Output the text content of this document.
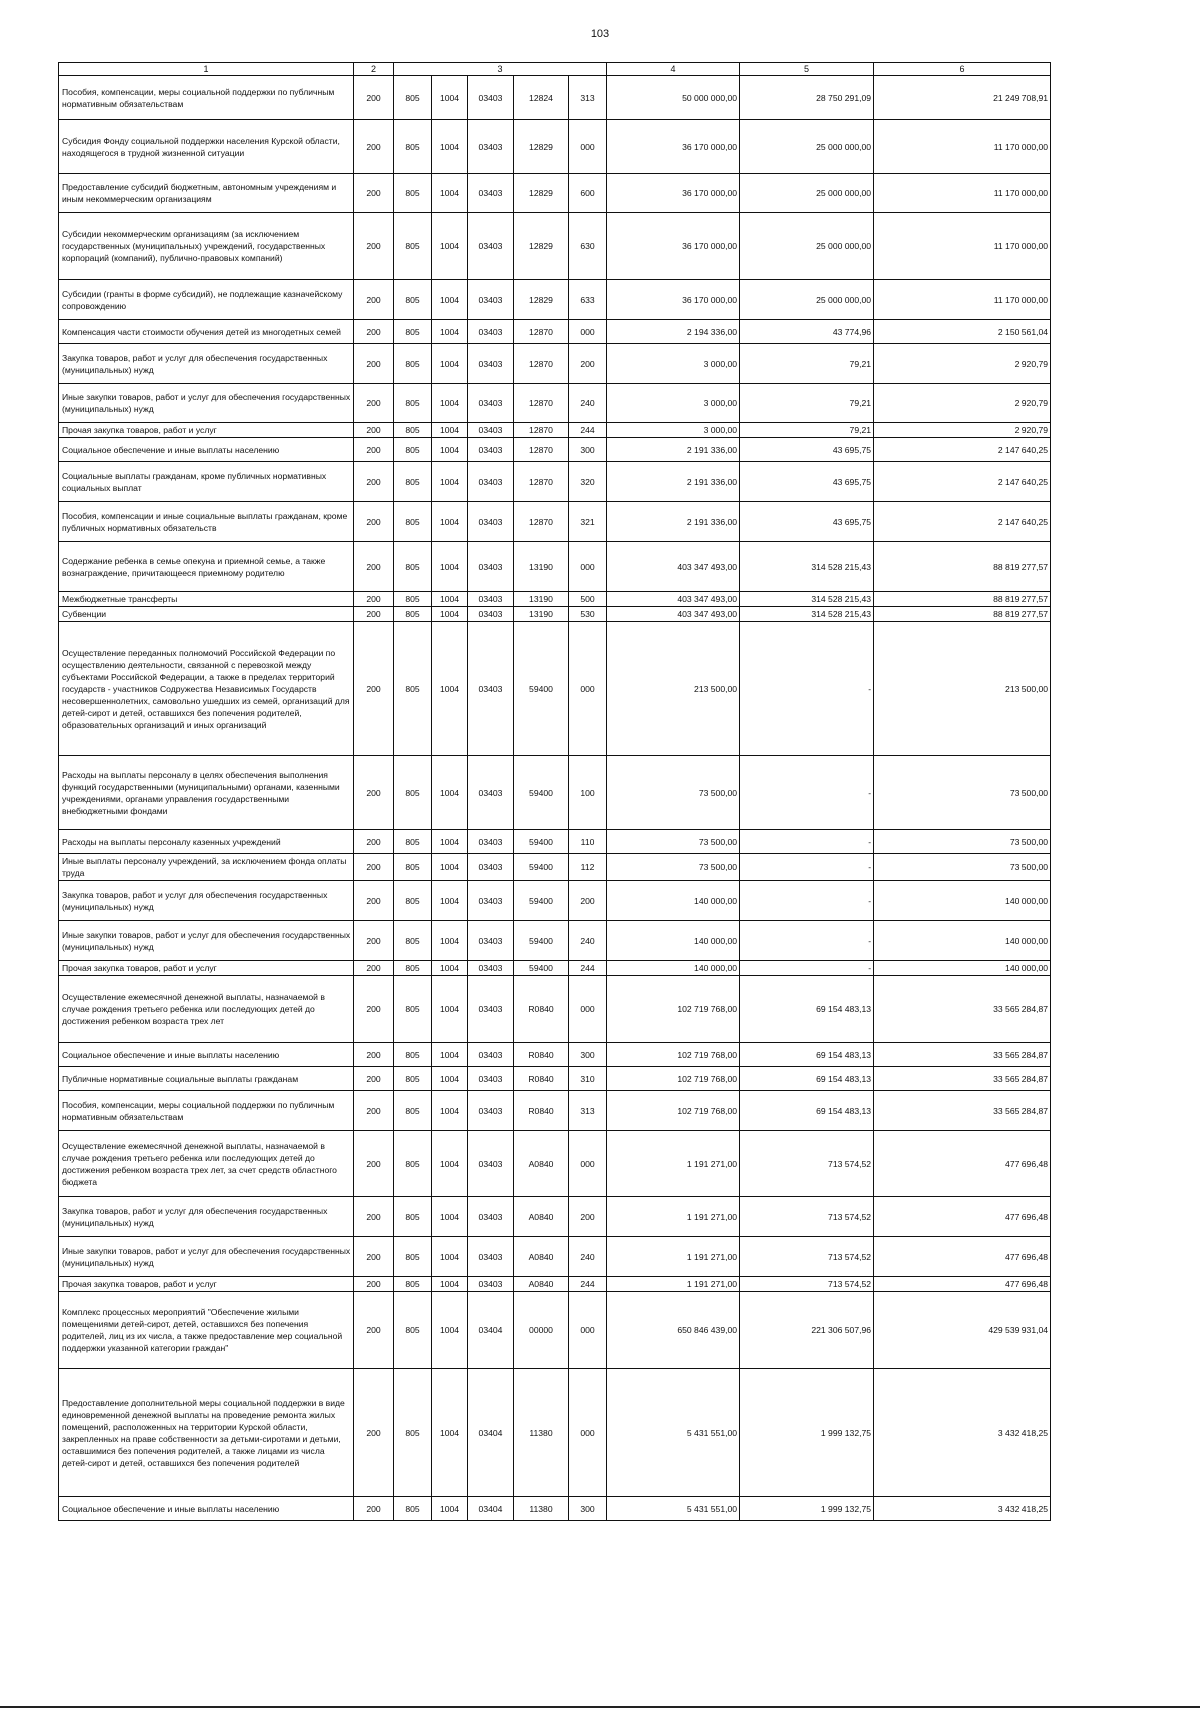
103
1	2	3					4	5	6
Пособия, компенсации, меры социальной поддержки по публичным нормативным обязательствам	200	805	1004	03403	12824	313	50 000 000,00	28 750 291,09	21 249 708,91
Субсидия Фонду социальной поддержки населения Курской области, находящегося в трудной жизненной ситуации	200	805	1004	03403	12829	000	36 170 000,00	25 000 000,00	11 170 000,00
Предоставление субсидий бюджетным, автономным учреждениям и иным некоммерческим организациям	200	805	1004	03403	12829	600	36 170 000,00	25 000 000,00	11 170 000,00
Субсидии некоммерческим организациям (за исключением государственных (муниципальных) учреждений, государственных корпораций (компаний), публично-правовых компаний)	200	805	1004	03403	12829	630	36 170 000,00	25 000 000,00	11 170 000,00
Субсидии (гранты в форме субсидий), не подлежащие казначейскому сопровождению	200	805	1004	03403	12829	633	36 170 000,00	25 000 000,00	11 170 000,00
Компенсация части стоимости обучения детей из многодетных семей	200	805	1004	03403	12870	000	2 194 336,00	43 774,96	2 150 561,04
Закупка товаров, работ и услуг для обеспечения государственных (муниципальных) нужд	200	805	1004	03403	12870	200	3 000,00	79,21	2 920,79
Иные закупки товаров, работ и услуг для обеспечения государственных (муниципальных) нужд	200	805	1004	03403	12870	240	3 000,00	79,21	2 920,79
Прочая закупка товаров, работ и услуг	200	805	1004	03403	12870	244	3 000,00	79,21	2 920,79
Социальное обеспечение и иные выплаты населению	200	805	1004	03403	12870	300	2 191 336,00	43 695,75	2 147 640,25
Социальные выплаты гражданам, кроме публичных нормативных социальных выплат	200	805	1004	03403	12870	320	2 191 336,00	43 695,75	2 147 640,25
Пособия, компенсации и иные социальные выплаты гражданам, кроме публичных нормативных обязательств	200	805	1004	03403	12870	321	2 191 336,00	43 695,75	2 147 640,25
Содержание ребенка в семье опекуна и приемной семье, а также вознаграждение, причитающееся приемному родителю	200	805	1004	03403	13190	000	403 347 493,00	314 528 215,43	88 819 277,57
Межбюджетные трансферты	200	805	1004	03403	13190	500	403 347 493,00	314 528 215,43	88 819 277,57
Субвенции	200	805	1004	03403	13190	530	403 347 493,00	314 528 215,43	88 819 277,57
Осуществление переданных полномочий Российской Федерации по осуществлению деятельности, связанной с перевозкой между субъектами Российской Федерации, а также в пределах территорий государств - участников Содружества Независимых Государств несовершеннолетних, самовольно ушедших из семей, организаций для детей-сирот и детей, оставшихся без попечения родителей, образовательных организаций и иных организаций	200	805	1004	03403	59400	000	213 500,00	-	213 500,00
Расходы на выплаты персоналу в целях обеспечения выполнения функций государственными (муниципальными) органами, казенными учреждениями, органами управления государственными внебюджетными фондами	200	805	1004	03403	59400	100	73 500,00	-	73 500,00
Расходы на выплаты персоналу казенных учреждений	200	805	1004	03403	59400	110	73 500,00	-	73 500,00
Иные выплаты персоналу учреждений, за исключением фонда оплаты труда	200	805	1004	03403	59400	112	73 500,00	-	73 500,00
Закупка товаров, работ и услуг для обеспечения государственных (муниципальных) нужд	200	805	1004	03403	59400	200	140 000,00	-	140 000,00
Иные закупки товаров, работ и услуг для обеспечения государственных (муниципальных) нужд	200	805	1004	03403	59400	240	140 000,00	-	140 000,00
Прочая закупка товаров, работ и услуг	200	805	1004	03403	59400	244	140 000,00	-	140 000,00
Осуществление ежемесячной денежной выплаты, назначаемой в случае рождения третьего ребенка или последующих детей до достижения ребенком возраста трех лет	200	805	1004	03403	R0840	000	102 719 768,00	69 154 483,13	33 565 284,87
Социальное обеспечение и иные выплаты населению	200	805	1004	03403	R0840	300	102 719 768,00	69 154 483,13	33 565 284,87
Публичные нормативные социальные выплаты гражданам	200	805	1004	03403	R0840	310	102 719 768,00	69 154 483,13	33 565 284,87
Пособия, компенсации, меры социальной поддержки по публичным нормативным обязательствам	200	805	1004	03403	R0840	313	102 719 768,00	69 154 483,13	33 565 284,87
Осуществление ежемесячной денежной выплаты, назначаемой в случае рождения третьего ребенка или последующих детей до достижения ребенком возраста трех лет, за счет средств областного бюджета	200	805	1004	03403	A0840	000	1 191 271,00	713 574,52	477 696,48
Закупка товаров, работ и услуг для обеспечения государственных (муниципальных) нужд	200	805	1004	03403	A0840	200	1 191 271,00	713 574,52	477 696,48
Иные закупки товаров, работ и услуг для обеспечения государственных (муниципальных) нужд	200	805	1004	03403	A0840	240	1 191 271,00	713 574,52	477 696,48
Прочая закупка товаров, работ и услуг	200	805	1004	03403	A0840	244	1 191 271,00	713 574,52	477 696,48
Комплекс процессных мероприятий "Обеспечение жилыми помещениями детей-сирот, детей, оставшихся без попечения родителей, лиц из их числа, а также предоставление мер социальной поддержки указанной категории граждан"	200	805	1004	03404	00000	000	650 846 439,00	221 306 507,96	429 539 931,04
Предоставление дополнительной меры социальной поддержки в виде единовременной денежной выплаты на проведение ремонта жилых помещений, расположенных на территории Курской области, закрепленных на праве собственности за детьми-сиротами и детьми, оставшимися без попечения родителей, а также лицами из числа детей-сирот и детей, оставшихся без попечения родителей	200	805	1004	03404	11380	000	5 431 551,00	1 999 132,75	3 432 418,25
Социальное обеспечение и иные выплаты населению	200	805	1004	03404	11380	300	5 431 551,00	1 999 132,75	3 432 418,25
